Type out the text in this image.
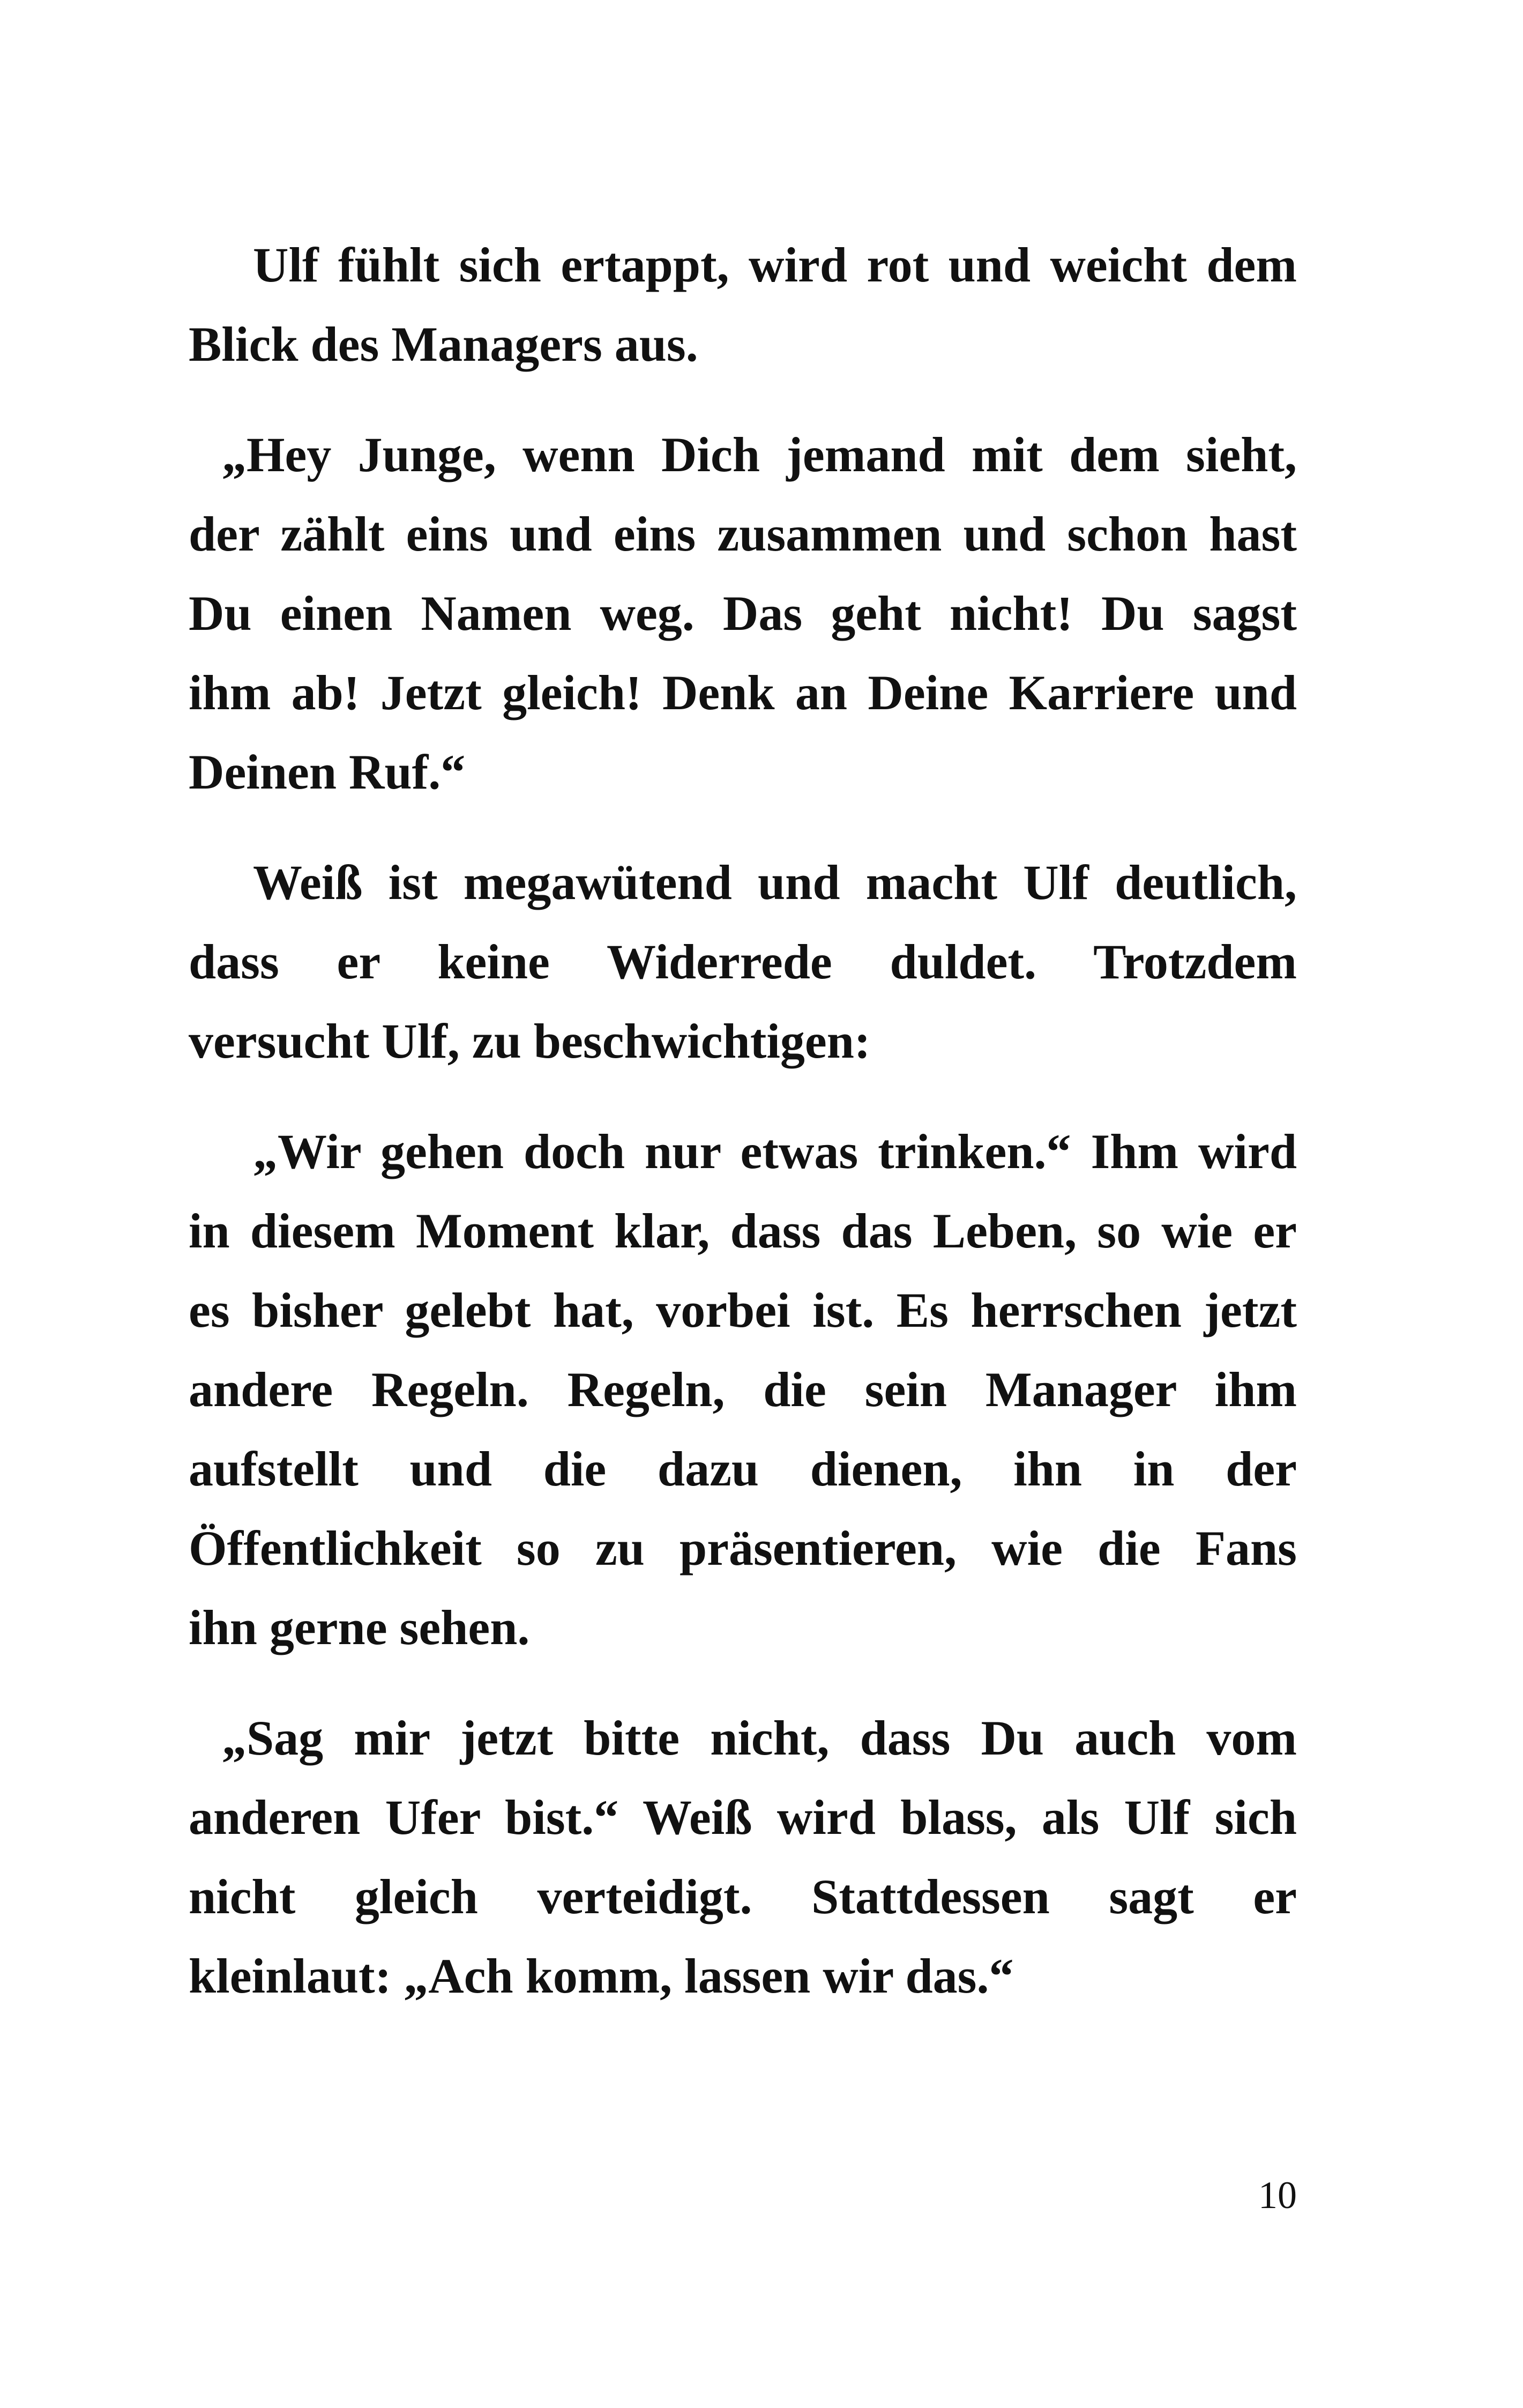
Ulf fühlt sich ertappt, wird rot und weicht dem
Blick des Managers aus.
„Hey Junge, wenn Dich jemand mit dem sieht,
der zählt eins und eins zusammen und schon hast
Du einen Namen weg. Das geht nicht! Du sagst
ihm ab! Jetzt gleich! Denk an Deine Karriere und
Deinen Ruf.“
Weiß ist megawütend und macht Ulf deutlich,
dass er keine Widerrede duldet. Trotzdem
versucht Ulf, zu beschwichtigen:
„Wir gehen doch nur etwas trinken.“ Ihm wird
in diesem Moment klar, dass das Leben, so wie er
es bisher gelebt hat, vorbei ist. Es herrschen jetzt
andere Regeln. Regeln, die sein Manager ihm
aufstellt und die dazu dienen, ihn in der
Öffentlichkeit so zu präsentieren, wie die Fans
ihn gerne sehen.
„Sag mir jetzt bitte nicht, dass Du auch vom
anderen Ufer bist.“ Weiß wird blass, als Ulf sich
nicht gleich verteidigt. Stattdessen sagt er
kleinlaut: „Ach komm, lassen wir das.“
10
